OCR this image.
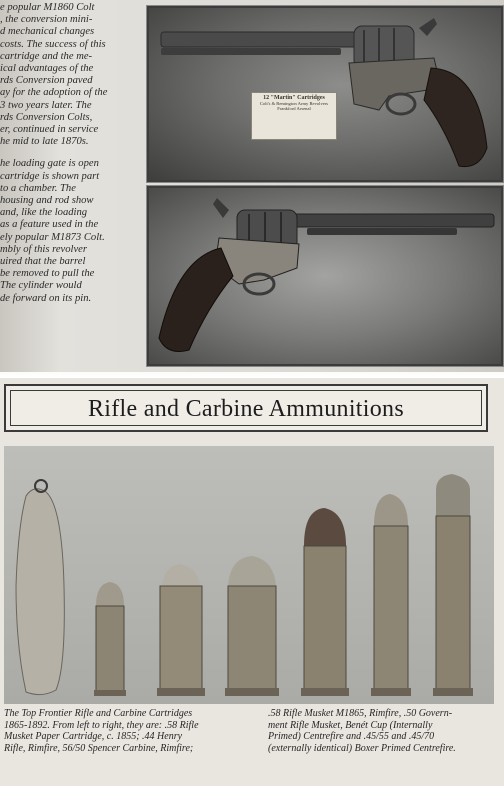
e popular M1860 Colt
, the conversion mini-
d mechanical changes
costs. The success of this
cartridge and the me-
ical advantages of the
rds Conversion paved
ay for the adoption of the
3 two years later. The
rds Conversion Colts,
er, continued in service
he mid to late 1870s.
he loading gate is open
cartridge is shown part
to a chamber. The
housing and rod show
and, like the loading
as a feature used in the
ely popular M1873 Colt.
mbly of this revolver
uired that the barrel
be removed to pull the
The cylinder would
de forward on its pin.
12 "Martin" Cartridges
Colt's & Remington Army Revolvers
Frankford Arsenal
Rifle and Carbine Ammunitions
The Top Frontier Rifle and Carbine Cartridges
1865-1892. From left to right, they are: .58 Rifle
Musket Paper Cartridge, c. 1855; .44 Henry
Rifle, Rimfire, 56/50 Spencer Carbine, Rimfire;
.58 Rifle Musket M1865, Rimfire, .50 Govern-
ment Rifle Musket, Benét Cup (Internally
Primed) Centrefire and .45/55 and .45/70
(externally identical) Boxer Primed Centrefire.
